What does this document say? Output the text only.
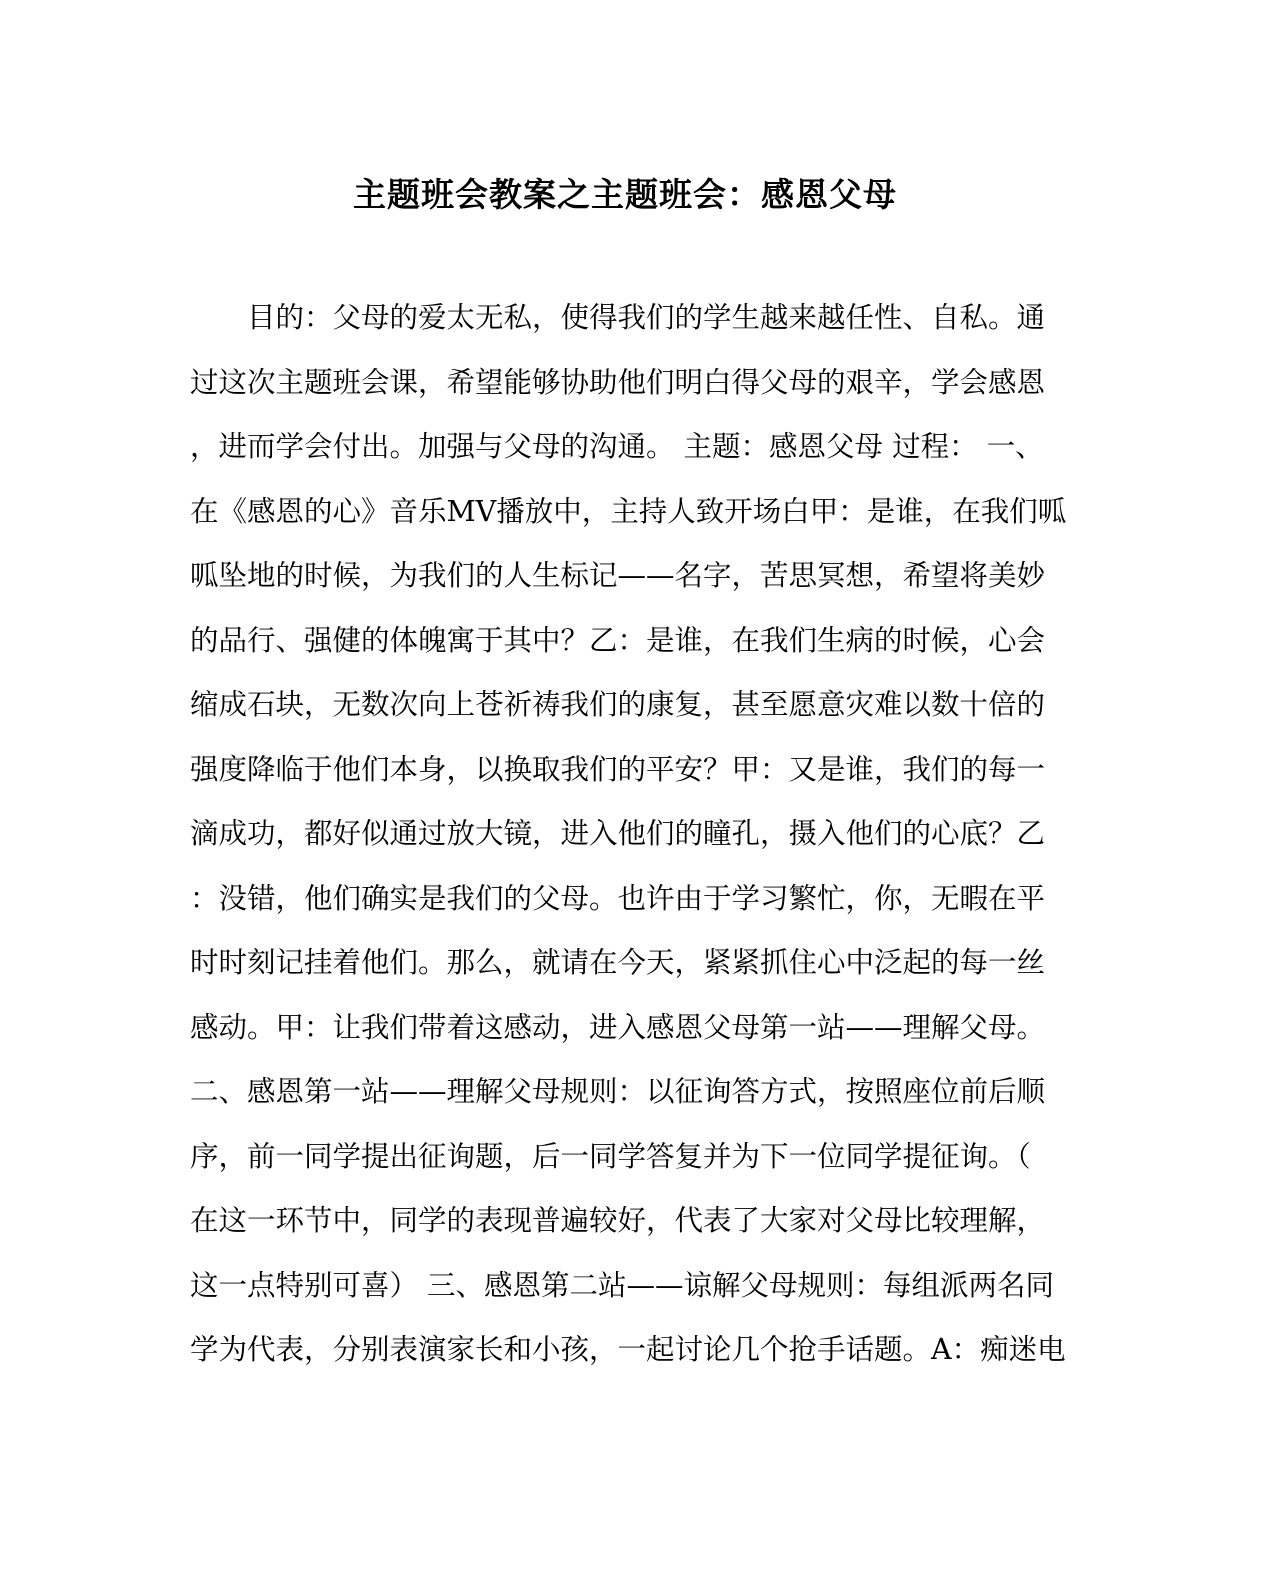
主题班会教案之主题班会：感恩父母
　　目的：父母的爱太无私，使得我们的学生越来越任性、自私。通
过这次主题班会课，希望能够协助他们明白得父母的艰辛，学会感恩
，进而学会付出。加强与父母的沟通。 主题：感恩父母 过程： 一、
在《感恩的心》音乐MV播放中，主持人致开场白甲：是谁，在我们呱
呱坠地的时候，为我们的人生标记——名字，苦思冥想，希望将美妙
的品行、强健的体魄寓于其中？乙：是谁，在我们生病的时候，心会
缩成石块，无数次向上苍祈祷我们的康复，甚至愿意灾难以数十倍的
强度降临于他们本身，以换取我们的平安？甲：又是谁，我们的每一
滴成功，都好似通过放大镜，进入他们的瞳孔，摄入他们的心底？乙
：没错，他们确实是我们的父母。也许由于学习繁忙，你，无暇在平
时时刻记挂着他们。那么，就请在今天，紧紧抓住心中泛起的每一丝
感动。甲：让我们带着这感动，进入感恩父母第一站——理解父母。
二、感恩第一站——理解父母规则：以征询答方式，按照座位前后顺
序，前一同学提出征询题，后一同学答复并为下一位同学提征询。（
在这一环节中，同学的表现普遍较好，代表了大家对父母比较理解，
这一点特别可喜） 三、感恩第二站——谅解父母规则：每组派两名同
学为代表，分别表演家长和小孩，一起讨论几个抢手话题。A：痴迷电
